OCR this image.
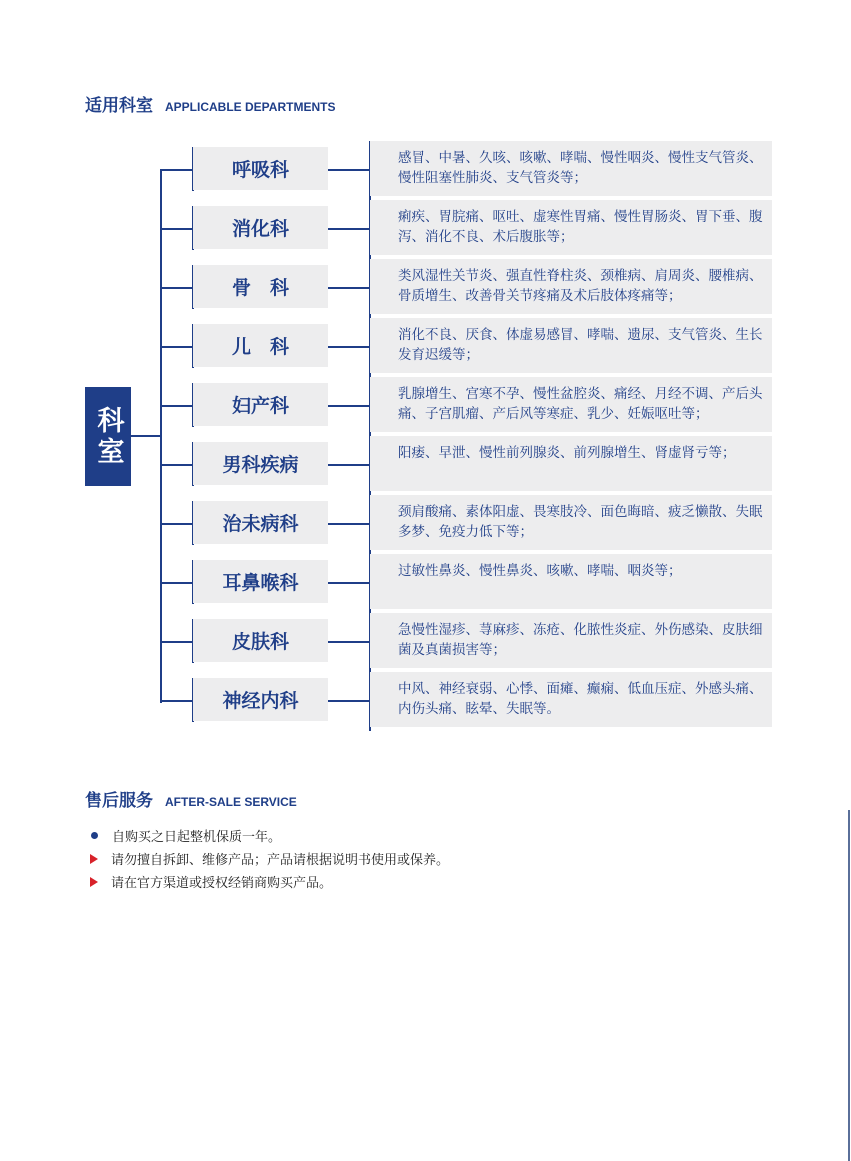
适用科室 APPLICABLE DEPARTMENTS
科室
呼吸科
感冒、中暑、久咳、咳嗽、哮喘、慢性咽炎、慢性支气管炎、慢性阻塞性肺炎、支气管炎等；
消化科
痢疾、胃脘痛、呕吐、虚寒性胃痛、慢性胃肠炎、胃下垂、腹泻、消化不良、术后腹胀等；
骨　科
类风湿性关节炎、强直性脊柱炎、颈椎病、肩周炎、腰椎病、骨质增生、改善骨关节疼痛及术后肢体疼痛等；
儿　科
消化不良、厌食、体虚易感冒、哮喘、遗尿、支气管炎、生长发育迟缓等；
妇产科
乳腺增生、宫寒不孕、慢性盆腔炎、痛经、月经不调、产后头痛、子宫肌瘤、产后风等寒症、乳少、妊娠呕吐等；
男科疾病
阳痿、早泄、慢性前列腺炎、前列腺增生、肾虚肾亏等；
治未病科
颈肩酸痛、素体阳虚、畏寒肢冷、面色晦暗、疲乏懒散、失眠多梦、免疫力低下等；
耳鼻喉科
过敏性鼻炎、慢性鼻炎、咳嗽、哮喘、咽炎等；
皮肤科
急慢性湿疹、荨麻疹、冻疮、化脓性炎症、外伤感染、皮肤细菌及真菌损害等；
神经内科
中风、神经衰弱、心悸、面瘫、癫痫、低血压症、外感头痛、内伤头痛、眩晕、失眠等。
售后服务 AFTER-SALE SERVICE
自购买之日起整机保质一年。
请勿擅自拆卸、维修产品；产品请根据说明书使用或保养。
请在官方渠道或授权经销商购买产品。
